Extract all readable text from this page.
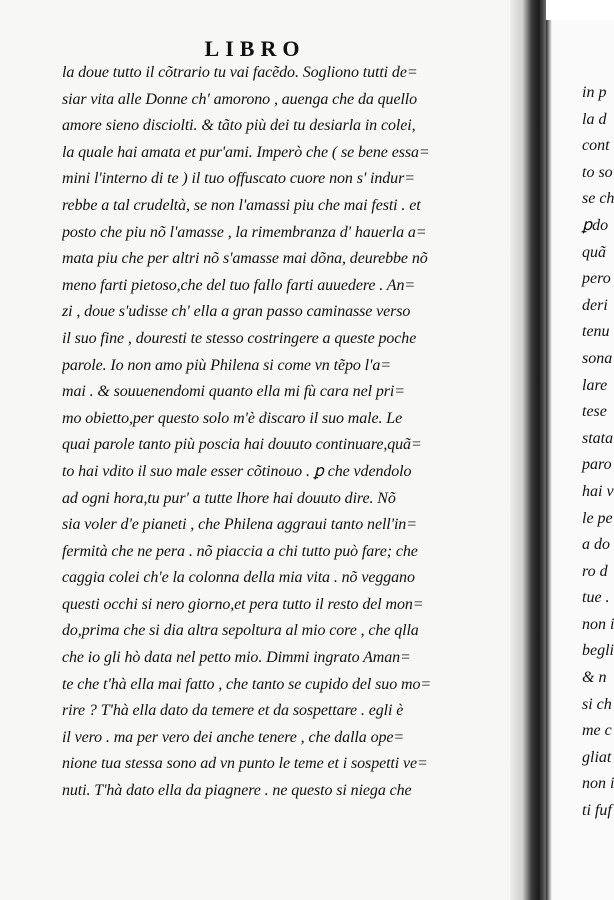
LIBRO
la doue tutto il cõtrario tu vai facẽdo. Sogliono tutti de=
siar vita alle Donne ch' amorono , auenga che da quello
amore sieno disciolti. & tãto più dei tu desiarla in colei,
la quale hai amata et pur'ami. Imperò che ( se bene essa=
mini l'interno di te ) il tuo offuscato cuore non s' indur=
rebbe a tal crudeltà, se non l'amassi piu che mai festi . et
posto che piu nõ l'amasse , la rimembranza d' hauerla a=
mata piu che per altri nõ s'amasse mai dõna, deurebbe nõ
meno farti pietoso,che del tuo fallo farti auuedere . An=
zi , doue s'udisse ch' ella a gran passo caminasse verso
il suo fine , douresti te stesso costringere a queste poche
parole. Io non amo più Philena si come vn tẽpo l'a=
mai . & souuenendomi quanto ella mi fù cara nel pri=
mo obietto,per questo solo m'è discaro il suo male. Le
quai parole tanto più poscia hai douuto continuare,quã=
to hai vdito il suo male esser cõtinouo . ꝑ che vdendolo
ad ogni hora,tu pur' a tutte lhore hai douuto dire. Nõ
sia voler d'e pianeti , che Philena aggraui tanto nell'in=
fermità che ne pera . nõ piaccia a chi tutto può fare; che
caggia colei ch'e la colonna della mia vita . nõ veggano
questi occhi si nero giorno,et pera tutto il resto del mon=
do,prima che si dia altra sepoltura al mio core , che qlla
che io gli hò data nel petto mio. Dimmi ingrato Aman=
te che t'hà ella mai fatto , che tanto se cupido del suo mo=
rire ? T'hà ella dato da temere et da sospettare . egli è
il vero . ma per vero dei anche tenere , che dalla ope=
nione tua stessa sono ad vn punto le teme et i sospetti ve=
nuti. T'hà dato ella da piagnere . ne questo si niega che
in p
la d
cont
to so
se ch
ꝑdo
quã
pero
deri
tenu
sona
lare
tese
stata
paro
hai v
le pe
a do
ro d
tue .
non i
begli
& n
si ch
me c
gliat
non i
ti fuf
